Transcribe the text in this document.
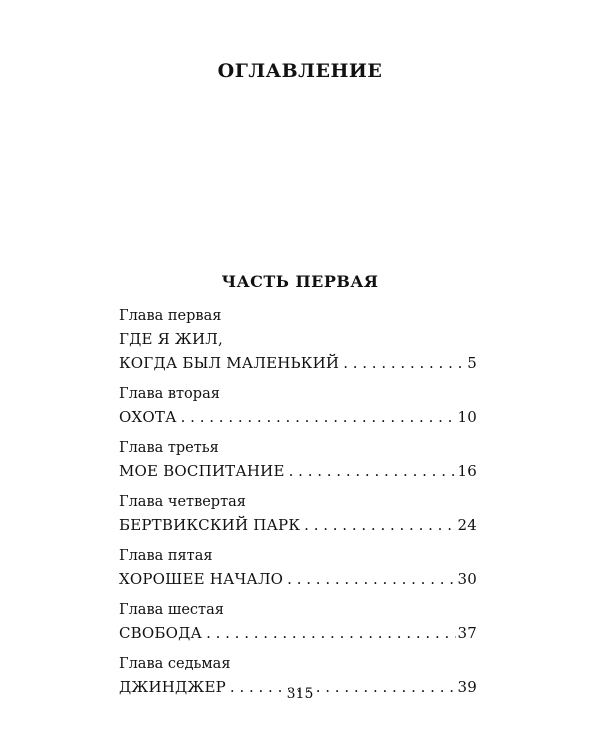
ОГЛАВЛЕНИЕ
ЧАСТЬ ПЕРВАЯ
Глава первая
ГДЕ Я ЖИЛ,
КОГДА БЫЛ МАЛЕНЬКИЙ . . .	5
Глава вторая
ОХОТА . . .	10
Глава третья
МОЕ ВОСПИТАНИЕ . . .	16
Глава четвертая
БЕРТВИКСКИЙ ПАРК . . .	24
Глава пятая
ХОРОШЕЕ НАЧАЛО . . .	30
Глава шестая
СВОБОДА . . .	37
Глава седьмая
ДЖИНДЖЕР . . .	39
315
